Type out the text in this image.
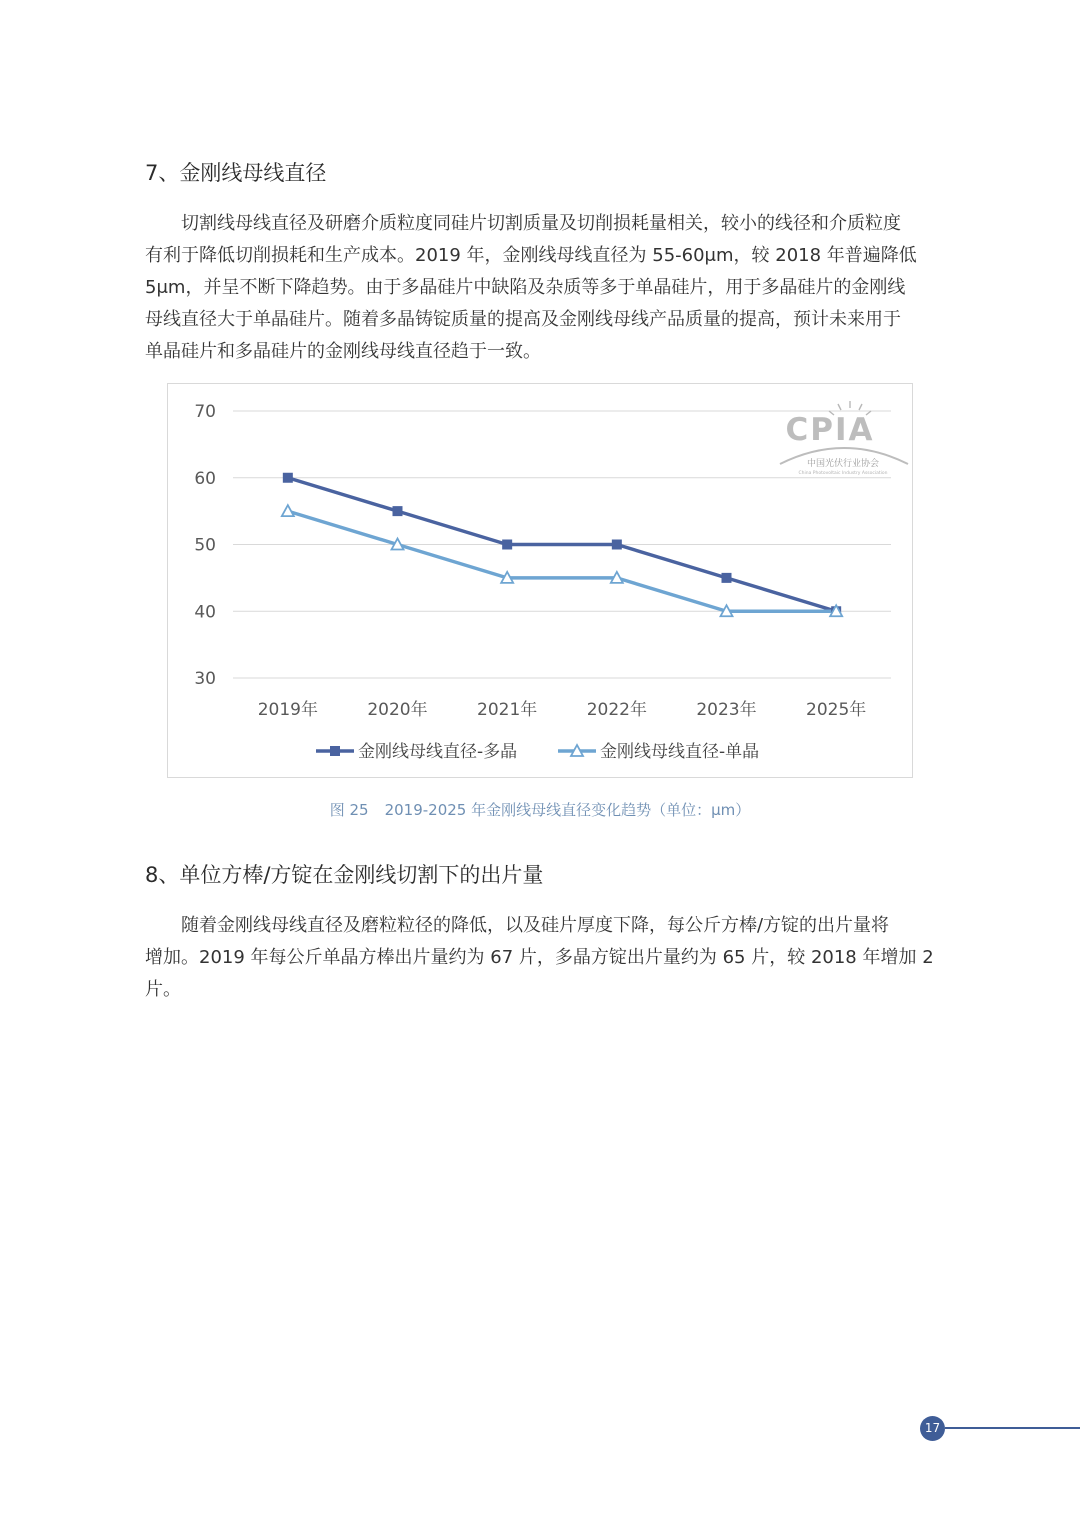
7、金刚线母线直径
切割线母线直径及研磨介质粒度同硅片切割质量及切削损耗量相关，较小的线径和介质粒度
有利于降低切削损耗和生产成本。2019 年，金刚线母线直径为 55-60μm，较 2018 年普遍降低
5μm，并呈不断下降趋势。由于多晶硅片中缺陷及杂质等多于单晶硅片，用于多晶硅片的金刚线
母线直径大于单晶硅片。随着多晶铸锭质量的提高及金刚线母线产品质量的提高，预计未来用于
单晶硅片和多晶硅片的金刚线母线直径趋于一致。
30
40
50
60
70
2019年	2020年	2021年	2022年	2023年	2025年
CPIA
中国光伏行业协会
China Photovoltaic Industry Association
金刚线母线直径-多晶	金刚线母线直径-单晶
图 25 2019-2025 年金刚线母线直径变化趋势（单位：μm）
8、单位方棒/方锭在金刚线切割下的出片量
随着金刚线母线直径及磨粒粒径的降低，以及硅片厚度下降，每公斤方棒/方锭的出片量将
增加。2019 年每公斤单晶方棒出片量约为 67 片，多晶方锭出片量约为 65 片，较 2018 年增加 2
片。
17
